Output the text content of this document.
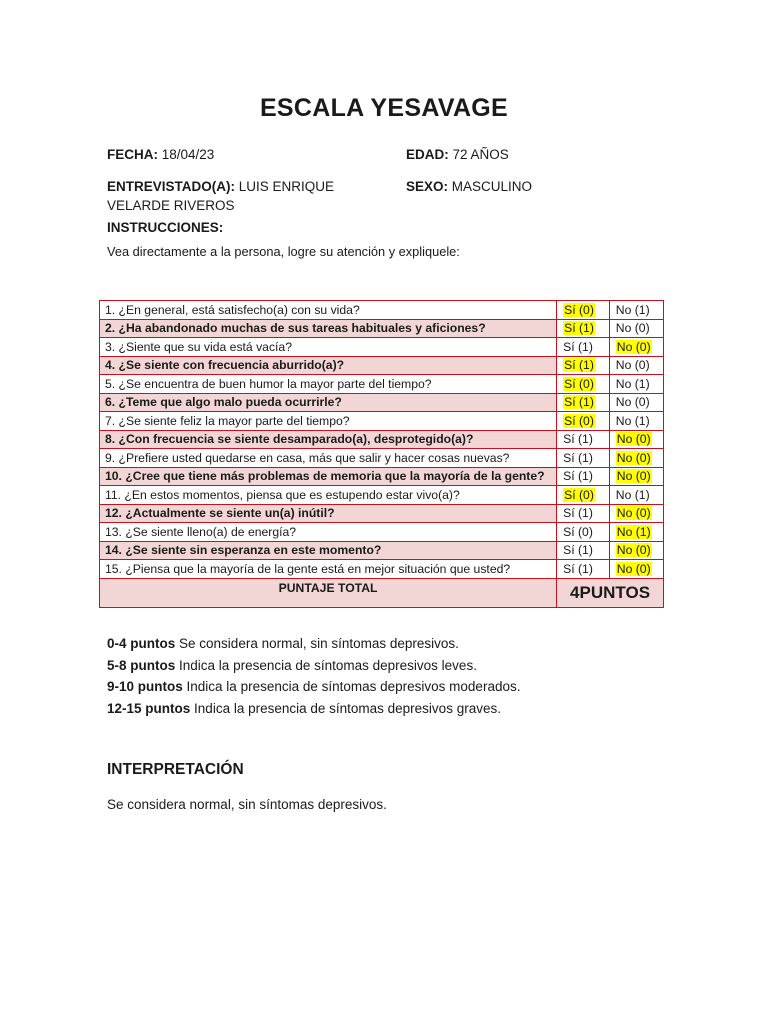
ESCALA YESAVAGE
FECHA: 18/04/23	EDAD: 72 AÑOS
ENTREVISTADO(A): LUIS ENRIQUE
VELARDE RIVEROS
SEXO: MASCULINO
INSTRUCCIONES:
Vea directamente a la persona, logre su atención y expliquele:
1. ¿En general, está satisfecho(a) con su vida?	Sí (0)	No (1)
2. ¿Ha abandonado muchas de sus tareas habituales y aficiones?	Sí (1)	No (0)
3. ¿Siente que su vida está vacía?	Sí (1)	No (0)
4. ¿Se siente con frecuencia aburrido(a)?	Sí (1)	No (0)
5. ¿Se encuentra de buen humor la mayor parte del tiempo?	Sí (0)	No (1)
6. ¿Teme que algo malo pueda ocurrirle?	Sí (1)	No (0)
7. ¿Se siente feliz la mayor parte del tiempo?	Sí (0)	No (1)
8. ¿Con frecuencia se siente desamparado(a), desprotegido(a)?	Sí (1)	No (0)
9. ¿Prefiere usted quedarse en casa, más que salir y hacer cosas nuevas?	Sí (1)	No (0)
10. ¿Cree que tiene más problemas de memoria que la mayoría de la gente?	Sí (1)	No (0)
11. ¿En estos momentos, piensa que es estupendo estar vivo(a)?	Sí (0)	No (1)
12. ¿Actualmente se siente un(a) inútil?	Sí (1)	No (0)
13. ¿Se siente lleno(a) de energía?	Sí (0)	No (1)
14. ¿Se siente sin esperanza en este momento?	Sí (1)	No (0)
15. ¿Piensa que la mayoría de la gente está en mejor situación que usted?	Sí (1)	No (0)
PUNTAJE TOTAL	4PUNTOS	
0-4 puntos Se considera normal, sin síntomas depresivos.
5-8 puntos Indica la presencia de síntomas depresivos leves.
9-10 puntos Indica la presencia de síntomas depresivos moderados.
12-15 puntos Indica la presencia de síntomas depresivos graves.
INTERPRETACIÓN
Se considera normal, sin síntomas depresivos.
